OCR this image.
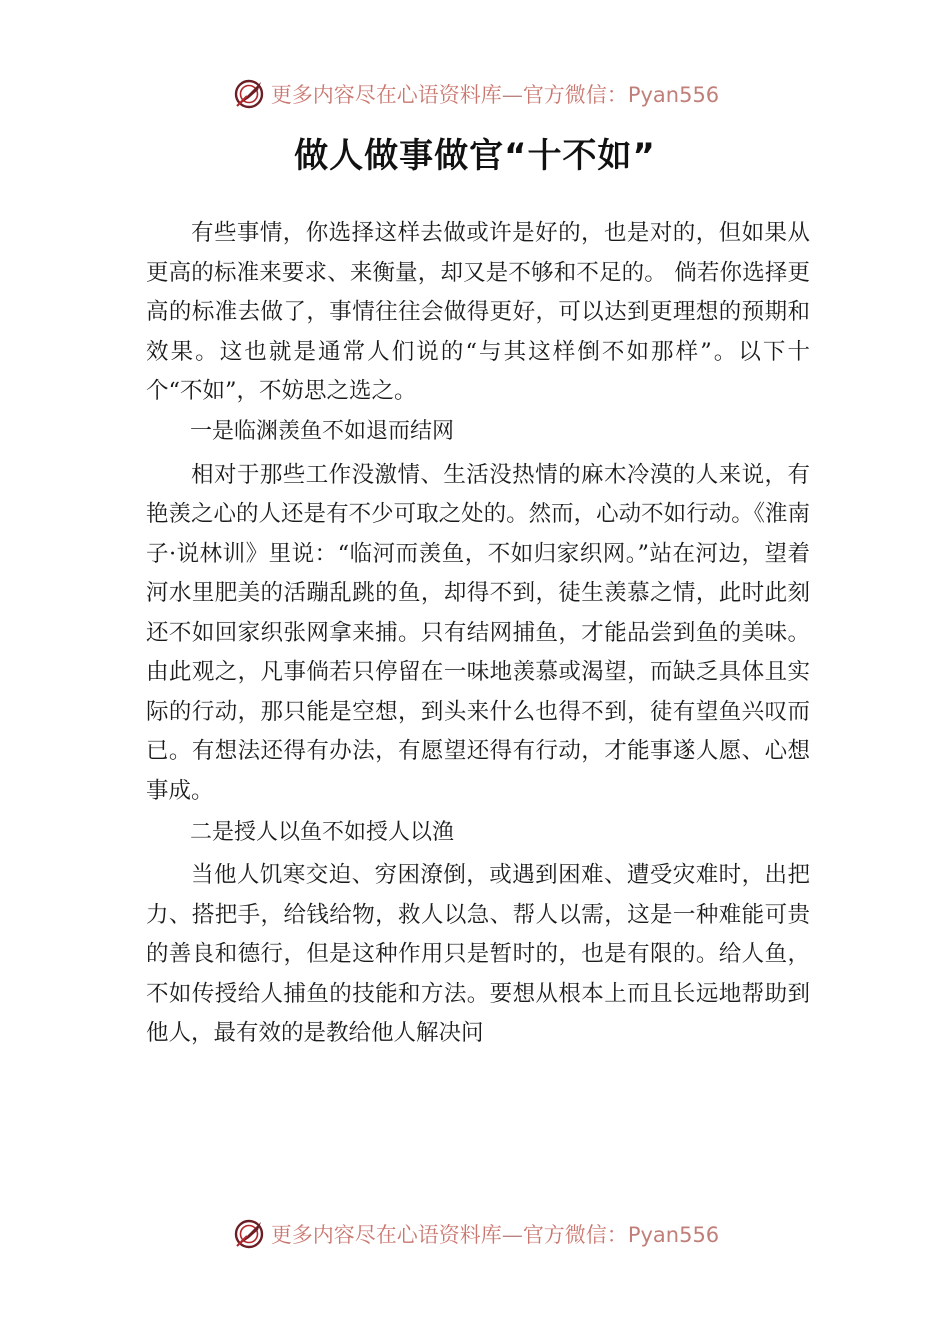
更多内容尽在心语资料库—官方微信：Pyan556
做人做事做官“十不如”

有些事情，你选择这样去做或许是好的，也是对的，但如果从更高的标准来要求、来衡量，却又是不够和不足的。 倘若你选择更高的标准去做了，事情往往会做得更好，可以达到更理想的预期和效果。这也就是通常人们说的“与其这样倒不如那样”。以下十个“不如”，不妨思之选之。

一是临渊羡鱼不如退而结网

相对于那些工作没激情、生活没热情的麻木冷漠的人来说，有艳羡之心的人还是有不少可取之处的。然而，心动不如行动。《淮南子·说林训》里说：“临河而羡鱼，不如归家织网。”站在河边，望着河水里肥美的活蹦乱跳的鱼，却得不到，徒生羡慕之情，此时此刻还不如回家织张网拿来捕。只有结网捕鱼，才能品尝到鱼的美味。由此观之，凡事倘若只停留在一味地羡慕或渴望，而缺乏具体且实际的行动，那只能是空想，到头来什么也得不到，徒有望鱼兴叹而已。有想法还得有办法，有愿望还得有行动，才能事遂人愿、心想事成。

二是授人以鱼不如授人以渔

当他人饥寒交迫、穷困潦倒，或遇到困难、遭受灾难时，出把力、搭把手，给钱给物，救人以急、帮人以需，这是一种难能可贵的善良和德行，但是这种作用只是暂时的，也是有限的。给人鱼，不如传授给人捕鱼的技能和方法。要想从根本上而且长远地帮助到他人，最有效的是教给他人解决问

更多内容尽在心语资料库—官方微信：Pyan556
